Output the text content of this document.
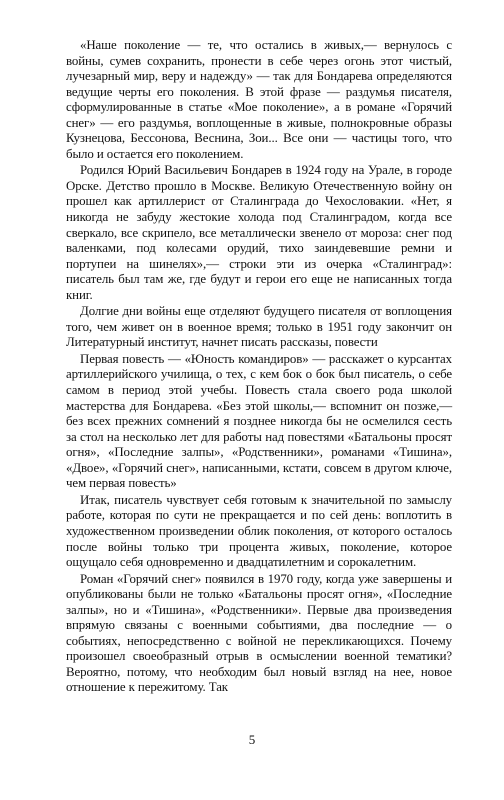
«Наше поколение — те, что остались в живых,— вернулось с войны, сумев сохранить, пронести в себе через огонь этот чистый, лучезарный мир, веру и надежду» — так для Бондарева определяются ведущие черты его поколения. В этой фразе — раздумья писателя, сформулированные в статье «Мое поколение», а в романе «Горячий снег» — его раздумья, воплощенные в живые, полнокровные образы Кузнецова, Бессонова, Веснина, Зои... Все они — частицы того, что было и остается его поколением.

Родился Юрий Васильевич Бондарев в 1924 году на Урале, в городе Орске. Детство прошло в Москве. Великую Отечественную войну он прошел как артиллерист от Сталинграда до Чехословакии. «Нет, я никогда не забуду жестокие холода под Сталинградом, когда все сверкало, все скрипело, все металлически звенело от мороза: снег под валенками, под колесами орудий, тихо заиндевевшие ремни и портупеи на шинелях»,— строки эти из очерка «Сталинград»: писатель был там же, где будут и герои его еще не написанных тогда книг.

Долгие дни войны еще отделяют будущего писателя от воплощения того, чем живет он в военное время; только в 1951 году закончит он Литературный институт, начнет писать рассказы, повести

Первая повесть — «Юность командиров» — расскажет о курсантах артиллерийского училища, о тех, с кем бок о бок был писатель, о себе самом в период этой учебы. Повесть стала своего рода школой мастерства для Бондарева. «Без этой школы,— вспомнит он позже,— без всех прежних сомнений я позднее никогда бы не осмелился сесть за стол на несколько лет для работы над повестями «Батальоны просят огня», «Последние залпы», «Родственники», романами «Тишина», «Двое», «Горячий снег», написанными, кстати, совсем в другом ключе, чем первая повесть»

Итак, писатель чувствует себя готовым к значительной по замыслу работе, которая по сути не прекращается и по сей день: воплотить в художественном произведении облик поколения, от которого осталось после войны только три процента живых, поколение, которое ощущало себя одновременно и двадцатилетним и сорокалетним.

Роман «Горячий снег» появился в 1970 году, когда уже завершены и опубликованы были не только «Батальоны просят огня», «Последние залпы», но и «Тишина», «Родственники». Первые два произведения впрямую связаны с военными событиями, два последние — о событиях, непосредственно с войной не перекликающихся. Почему произошел своеобразный отрыв в осмыслении военной тематики? Вероятно, потому, что необходим был новый взгляд на нее, новое отношение к пережитому. Так

5
